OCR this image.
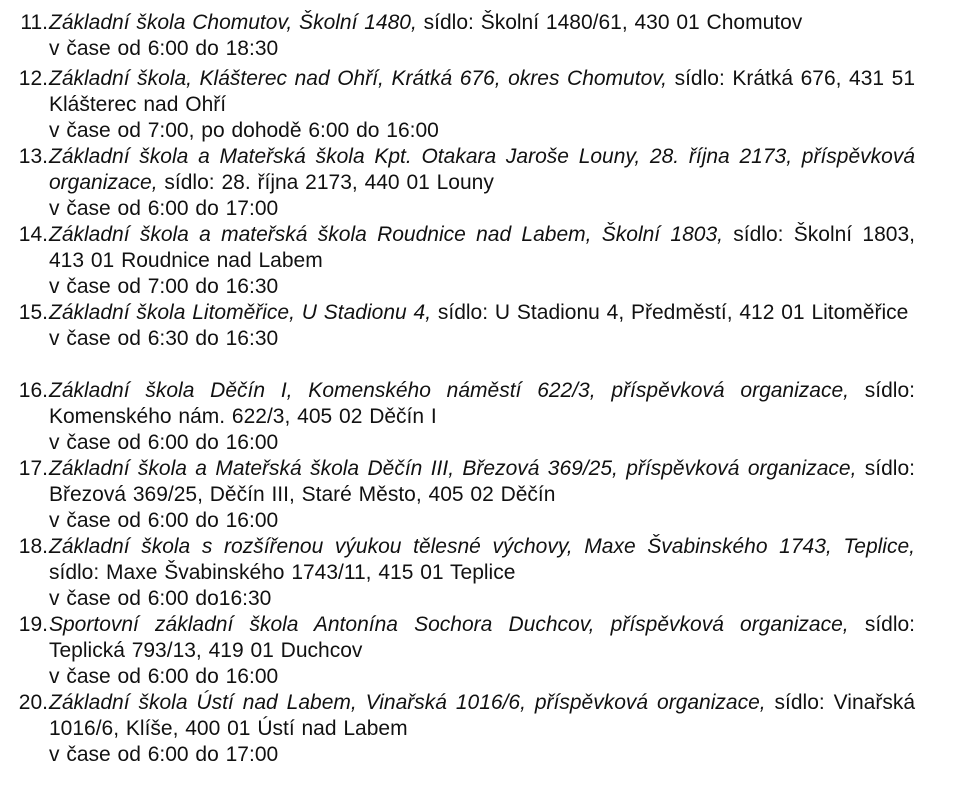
11. Základní škola Chomutov, Školní 1480, sídlo: Školní 1480/61, 430 01 Chomutov
v čase od 6:00 do 18:30
12. Základní škola, Klášterec nad Ohří, Krátká 676, okres Chomutov, sídlo: Krátká 676, 431 51 Klášterec nad Ohří
v čase od 7:00, po dohodě 6:00 do 16:00
13. Základní škola a Mateřská škola Kpt. Otakara Jaroše Louny, 28. října 2173, příspěvková organizace, sídlo: 28. října 2173, 440 01 Louny
v čase od 6:00 do 17:00
14. Základní škola a mateřská škola Roudnice nad Labem, Školní 1803, sídlo: Školní 1803, 413 01 Roudnice nad Labem
v čase od 7:00 do 16:30
15. Základní škola Litoměřice, U Stadionu 4, sídlo: U Stadionu 4, Předměstí, 412 01 Litoměřice
v čase od 6:30 do 16:30
16. Základní škola Děčín I, Komenského náměstí 622/3, příspěvková organizace, sídlo: Komenského nám. 622/3, 405 02 Děčín I
v čase od 6:00 do 16:00
17. Základní škola a Mateřská škola Děčín III, Březová 369/25, příspěvková organizace, sídlo: Březová 369/25, Děčín III, Staré Město, 405 02 Děčín
v čase od 6:00 do 16:00
18. Základní škola s rozšířenou výukou tělesné výchovy, Maxe Švabinského 1743, Teplice, sídlo: Maxe Švabinského 1743/11, 415 01 Teplice
v čase od 6:00 do16:30
19. Sportovní základní škola Antonína Sochora Duchcov, příspěvková organizace, sídlo: Teplická 793/13, 419 01 Duchcov
v čase od 6:00 do 16:00
20. Základní škola Ústí nad Labem, Vinařská 1016/6, příspěvková organizace, sídlo: Vinařská 1016/6, Klíše, 400 01 Ústí nad Labem
v čase od 6:00 do 17:00
